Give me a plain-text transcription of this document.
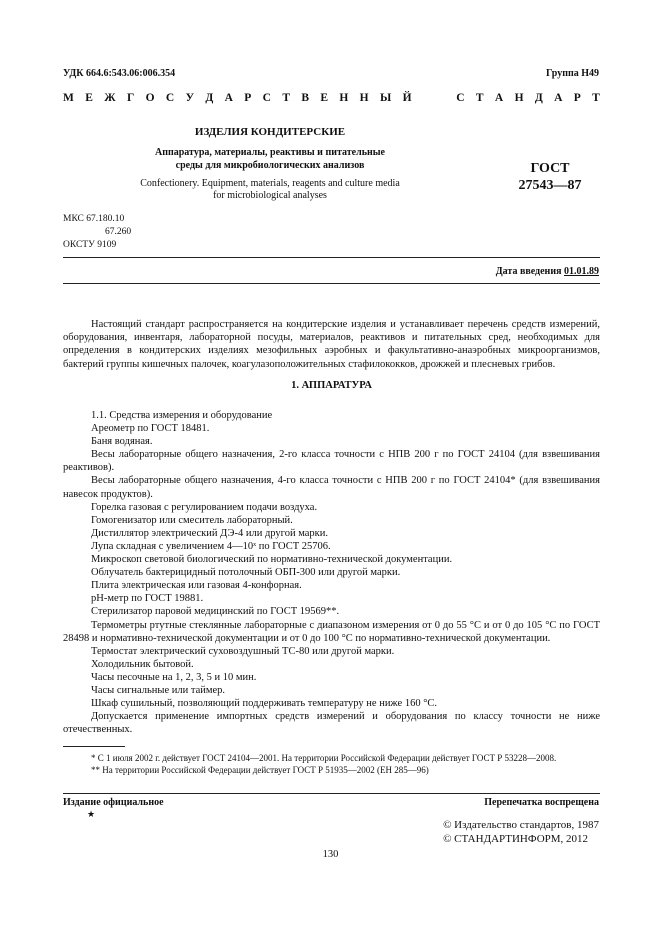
УДК 664.6:543.06:006.354	Группа Н49
М Е Ж Г О С У Д А Р С Т В Е Н Н Ы Й	С Т А Н Д А Р Т
ИЗДЕЛИЯ КОНДИТЕРСКИЕ
Аппаратура, материалы, реактивы и питательные
среды для микробиологических анализов
Confectionery. Equipment, materials, reagents and culture media
for microbiological analyses
ГОСТ
27543—87
МКС 67.180.10
67.260
ОКСТУ 9109
Дата введения 01.01.89
Настоящий стандарт распространяется на кондитерские изделия и устанавливает перечень средств измерений, оборудования, инвентаря, лабораторной посуды, материалов, реактивов и питательных сред, необходимых для определения в кондитерских изделиях мезофильных аэробных и факультативно-анаэробных микроорганизмов, бактерий группы кишечных палочек, коагулазоположительных стафилококков, дрожжей и плесневых грибов.
1. АППАРАТУРА
1.1. Средства измерения и оборудование
Ареометр по ГОСТ 18481.
Баня водяная.
Весы лабораторные общего назначения, 2-го класса точности с НПВ 200 г по ГОСТ 24104 (для взвешивания реактивов).
Весы лабораторные общего назначения, 4-го класса точности с НПВ 200 г по ГОСТ 24104* (для взвешивания навесок продуктов).
Горелка газовая с регулированием подачи воздуха.
Гомогенизатор или смеситель лабораторный.
Дистиллятор электрический ДЭ-4 или другой марки.
Лупа складная с увеличением 4—10ˣ по ГОСТ 25706.
Микроскоп световой биологический по нормативно-технической документации.
Облучатель бактерицидный потолочный ОБП-300 или другой марки.
Плита электрическая или газовая 4-конфорная.
рН-метр по ГОСТ 19881.
Стерилизатор паровой медицинский по ГОСТ 19569**.
Термометры ртутные стеклянные лабораторные с диапазоном измерения от 0 до 55 °С и от 0 до 105 °С по ГОСТ 28498 и нормативно-технической документации и от 0 до 100 °С по нормативно-технической документации.
Термостат электрический суховоздушный ТС-80 или другой марки.
Холодильник бытовой.
Часы песочные на 1, 2, 3, 5 и 10 мин.
Часы сигнальные или таймер.
Шкаф сушильный, позволяющий поддерживать температуру не ниже 160 °С.
Допускается применение импортных средств измерений и оборудования по классу точности не ниже отечественных.
* С 1 июля 2002 г. действует ГОСТ 24104—2001. На территории Российской Федерации действует ГОСТ Р 53228—2008.
** На территории Российской Федерации действует ГОСТ Р 51935—2002 (ЕН 285—96)
Издание официальное	Перепечатка воспрещена
★
© Издательство стандартов, 1987
© СТАНДАРТИНФОРМ, 2012
130
